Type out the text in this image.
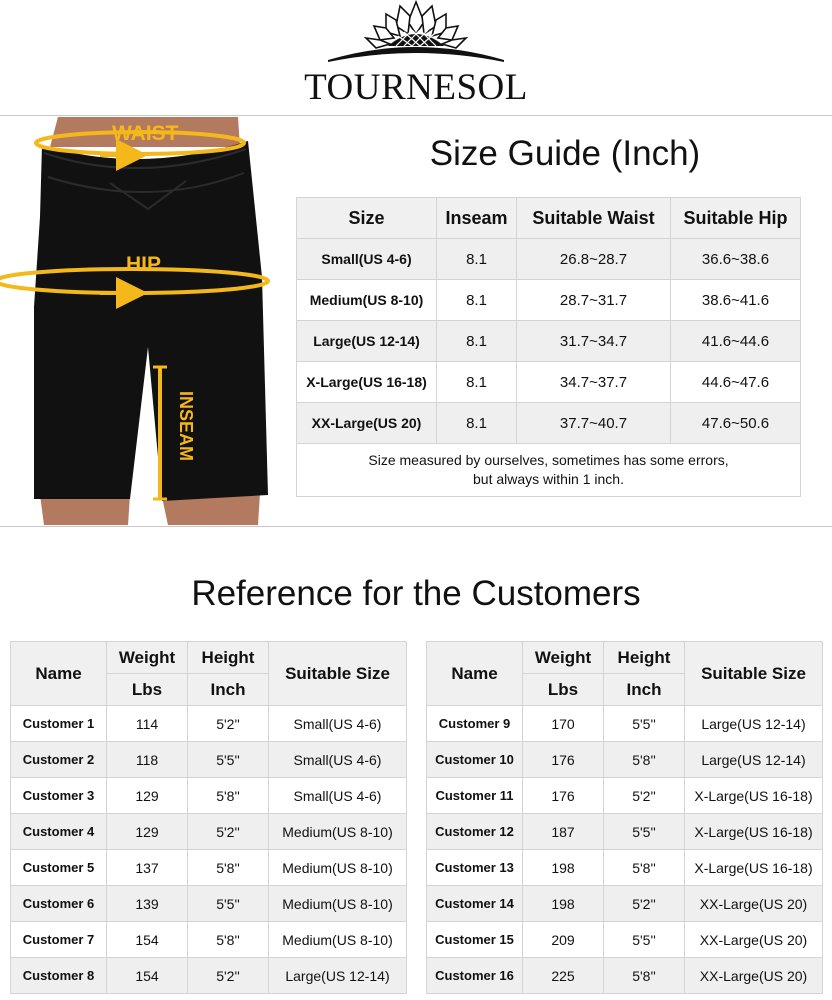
TOURNESOL
WAIST
HIP
INSEAM
Size Guide (Inch)
Size	Inseam	Suitable Waist	Suitable Hip
Small(US 4-6)	8.1	26.8~28.7	36.6~38.6
Medium(US 8-10)	8.1	28.7~31.7	38.6~41.6
Large(US 12-14)	8.1	31.7~34.7	41.6~44.6
X-Large(US 16-18)	8.1	34.7~37.7	44.6~47.6
XX-Large(US 20)	8.1	37.7~40.7	47.6~50.6
Size measured by ourselves, sometimes has some errors,
but always within 1 inch.			
Reference for the Customers
Name	Weight	Height	Suitable Size
	Lbs	Inch	
Customer 1	114	5'2''	Small(US 4-6)
Customer 2	118	5'5''	Small(US 4-6)
Customer 3	129	5'8''	Small(US 4-6)
Customer 4	129	5'2''	Medium(US 8-10)
Customer 5	137	5'8''	Medium(US 8-10)
Customer 6	139	5'5''	Medium(US 8-10)
Customer 7	154	5'8''	Medium(US 8-10)
Customer 8	154	5'2''	Large(US 12-14)
Name	Weight	Height	Suitable Size
	Lbs	Inch	
Customer 9	170	5'5''	Large(US 12-14)
Customer 10	176	5'8''	Large(US 12-14)
Customer 11	176	5'2''	X-Large(US 16-18)
Customer 12	187	5'5''	X-Large(US 16-18)
Customer 13	198	5'8''	X-Large(US 16-18)
Customer 14	198	5'2''	XX-Large(US 20)
Customer 15	209	5'5''	XX-Large(US 20)
Customer 16	225	5'8''	XX-Large(US 20)
